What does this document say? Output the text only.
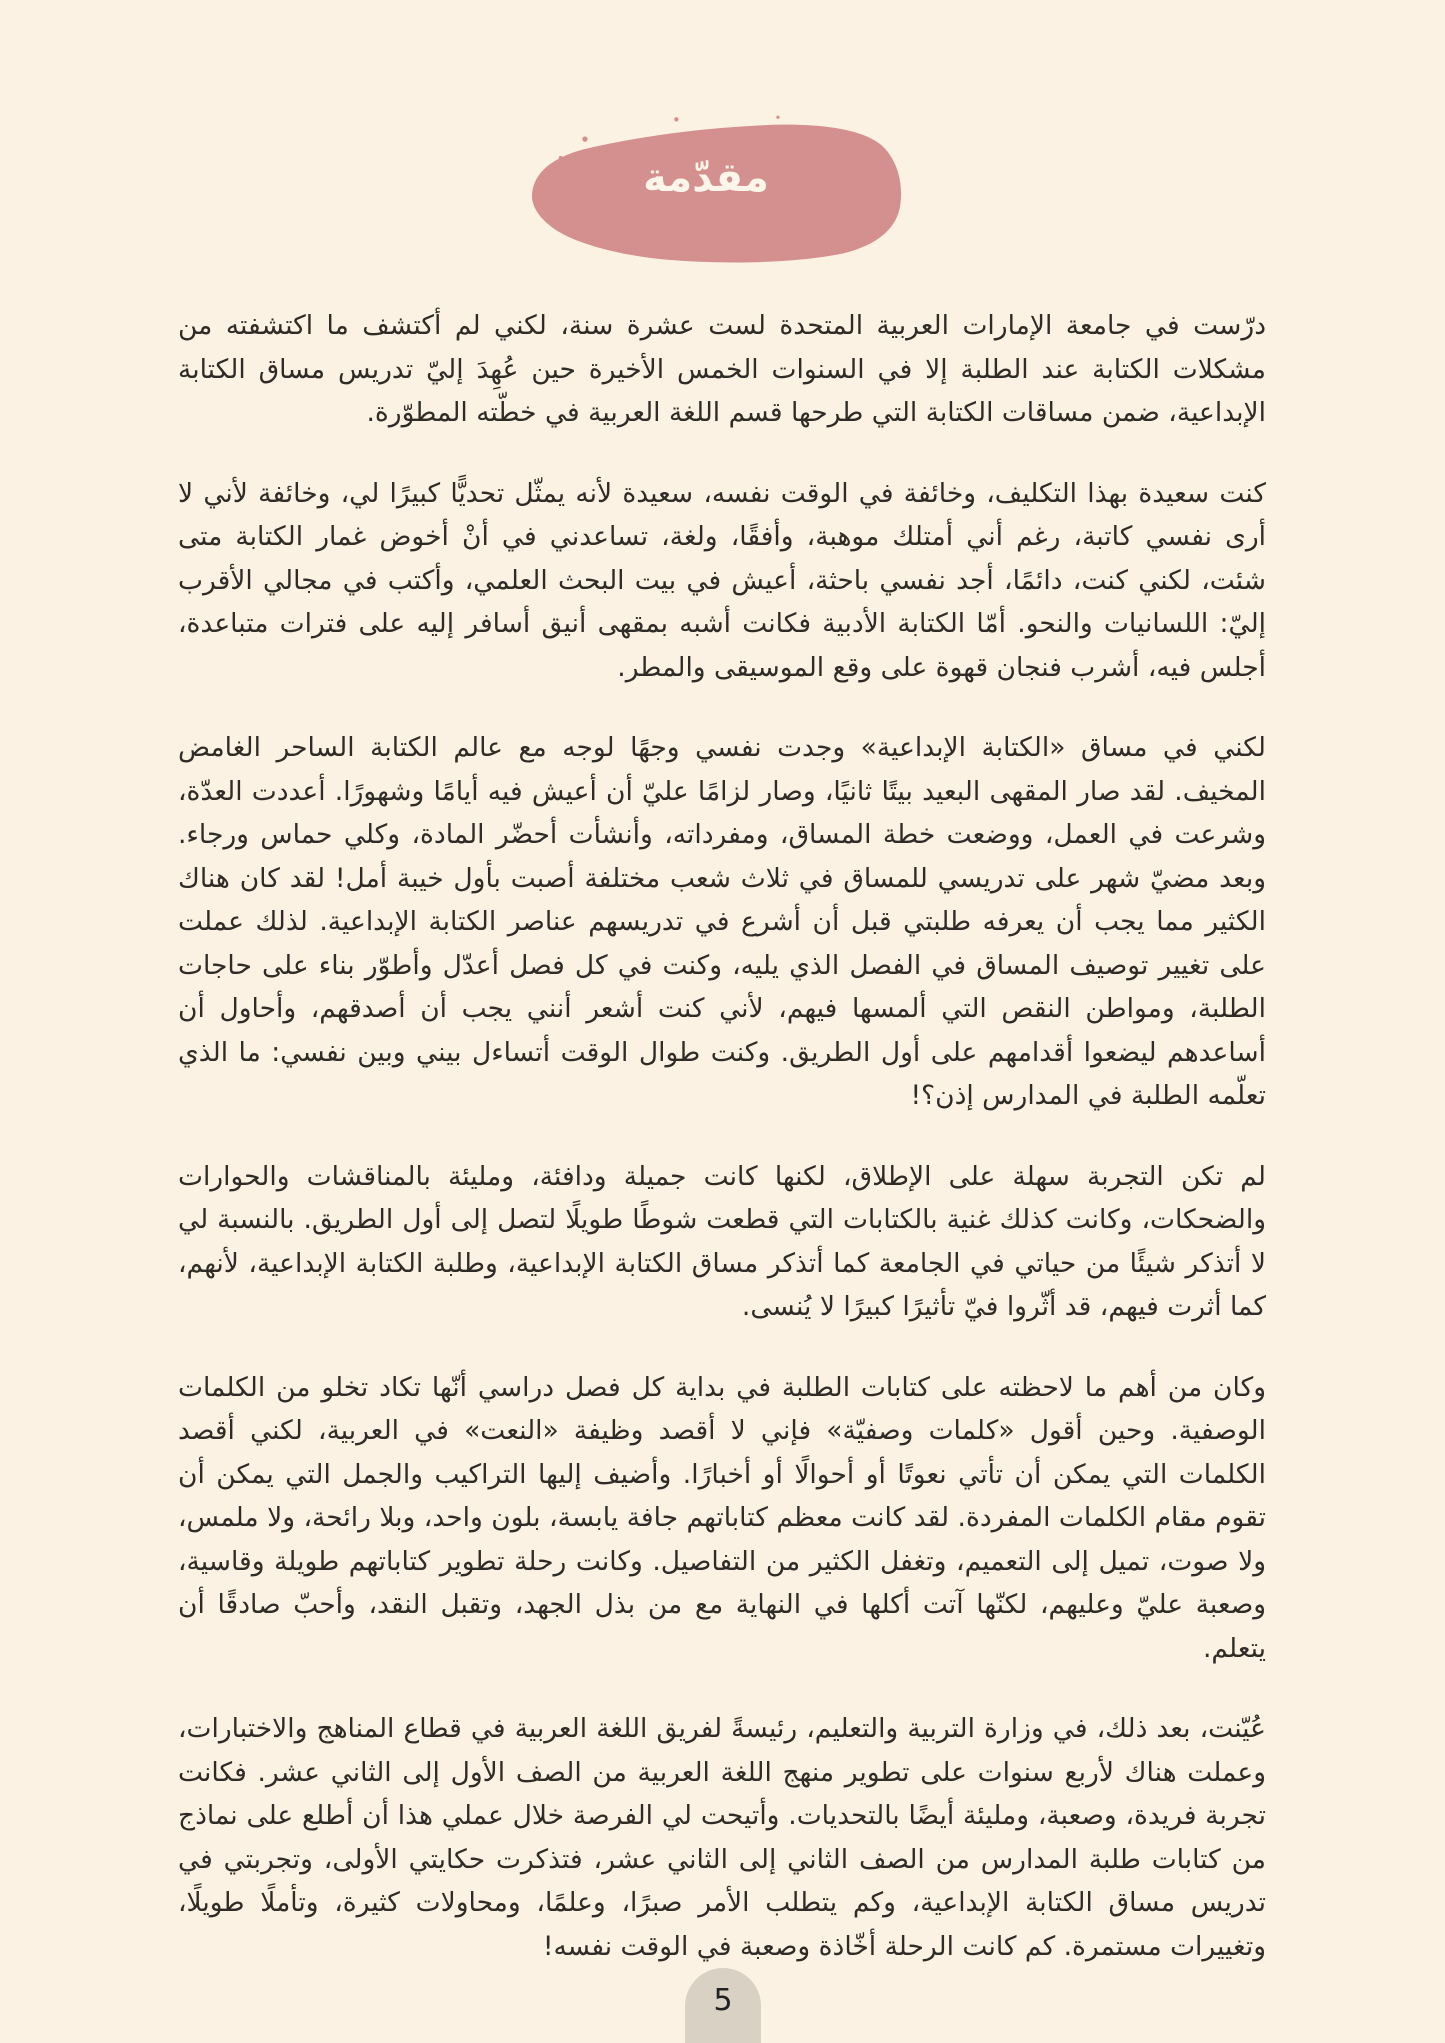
مقدّمة

درّست في جامعة الإمارات العربية المتحدة لست عشرة سنة، لكني لم أكتشف ما اكتشفته من مشكلات الكتابة عند الطلبة إلا في السنوات الخمس الأخيرة حين عُهِدَ إليّ تدريس مساق الكتابة الإبداعية، ضمن مساقات الكتابة التي طرحها قسم اللغة العربية في خطّته المطوّرة.

كنت سعيدة بهذا التكليف، وخائفة في الوقت نفسه، سعيدة لأنه يمثّل تحديًّا كبيرًا لي، وخائفة لأني لا أرى نفسي كاتبة، رغم أني أمتلك موهبة، وأفقًا، ولغة، تساعدني في أنْ أخوض غمار الكتابة متى شئت، لكني كنت، دائمًا، أجد نفسي باحثة، أعيش في بيت البحث العلمي، وأكتب في مجالي الأقرب إليّ: اللسانيات والنحو. أمّا الكتابة الأدبية فكانت أشبه بمقهى أنيق أسافر إليه على فترات متباعدة، أجلس فيه، أشرب فنجان قهوة على وقع الموسيقى والمطر.

لكني في مساق «الكتابة الإبداعية» وجدت نفسي وجهًا لوجه مع عالم الكتابة الساحر الغامض المخيف. لقد صار المقهى البعيد بيتًا ثانيًا، وصار لزامًا عليّ أن أعيش فيه أيامًا وشهورًا. أعددت العدّة، وشرعت في العمل، ووضعت خطة المساق، ومفرداته، وأنشأت أحضّر المادة، وكلي حماس ورجاء. وبعد مضيّ شهر على تدريسي للمساق في ثلاث شعب مختلفة أصبت بأول خيبة أمل! لقد كان هناك الكثير مما يجب أن يعرفه طلبتي قبل أن أشرع في تدريسهم عناصر الكتابة الإبداعية. لذلك عملت على تغيير توصيف المساق في الفصل الذي يليه، وكنت في كل فصل أعدّل وأطوّر بناء على حاجات الطلبة، ومواطن النقص التي ألمسها فيهم، لأني كنت أشعر أنني يجب أن أصدقهم، وأحاول أن أساعدهم ليضعوا أقدامهم على أول الطريق. وكنت طوال الوقت أتساءل بيني وبين نفسي: ما الذي تعلّمه الطلبة في المدارس إذن؟!

لم تكن التجربة سهلة على الإطلاق، لكنها كانت جميلة ودافئة، ومليئة بالمناقشات والحوارات والضحكات، وكانت كذلك غنية بالكتابات التي قطعت شوطًا طويلًا لتصل إلى أول الطريق. بالنسبة لي لا أتذكر شيئًا من حياتي في الجامعة كما أتذكر مساق الكتابة الإبداعية، وطلبة الكتابة الإبداعية، لأنهم، كما أثرت فيهم، قد أثّروا فيّ تأثيرًا كبيرًا لا يُنسى.

وكان من أهم ما لاحظته على كتابات الطلبة في بداية كل فصل دراسي أنّها تكاد تخلو من الكلمات الوصفية. وحين أقول «كلمات وصفيّة» فإني لا أقصد وظيفة «النعت» في العربية، لكني أقصد الكلمات التي يمكن أن تأتي نعوتًا أو أحوالًا أو أخبارًا. وأضيف إليها التراكيب والجمل التي يمكن أن تقوم مقام الكلمات المفردة. لقد كانت معظم كتاباتهم جافة يابسة، بلون واحد، وبلا رائحة، ولا ملمس، ولا صوت، تميل إلى التعميم، وتغفل الكثير من التفاصيل. وكانت رحلة تطوير كتاباتهم طويلة وقاسية، وصعبة عليّ وعليهم، لكنّها آتت أكلها في النهاية مع من بذل الجهد، وتقبل النقد، وأحبّ صادقًا أن يتعلم.

عُيّنت، بعد ذلك، في وزارة التربية والتعليم، رئيسةً لفريق اللغة العربية في قطاع المناهج والاختبارات، وعملت هناك لأربع سنوات على تطوير منهج اللغة العربية من الصف الأول إلى الثاني عشر. فكانت تجربة فريدة، وصعبة، ومليئة أيضًا بالتحديات. وأتيحت لي الفرصة خلال عملي هذا أن أطلع على نماذج من كتابات طلبة المدارس من الصف الثاني إلى الثاني عشر، فتذكرت حكايتي الأولى، وتجربتي في تدريس مساق الكتابة الإبداعية، وكم يتطلب الأمر صبرًا، وعلمًا، ومحاولات كثيرة، وتأملًا طويلًا، وتغييرات مستمرة. كم كانت الرحلة أخّاذة وصعبة في الوقت نفسه!

5
